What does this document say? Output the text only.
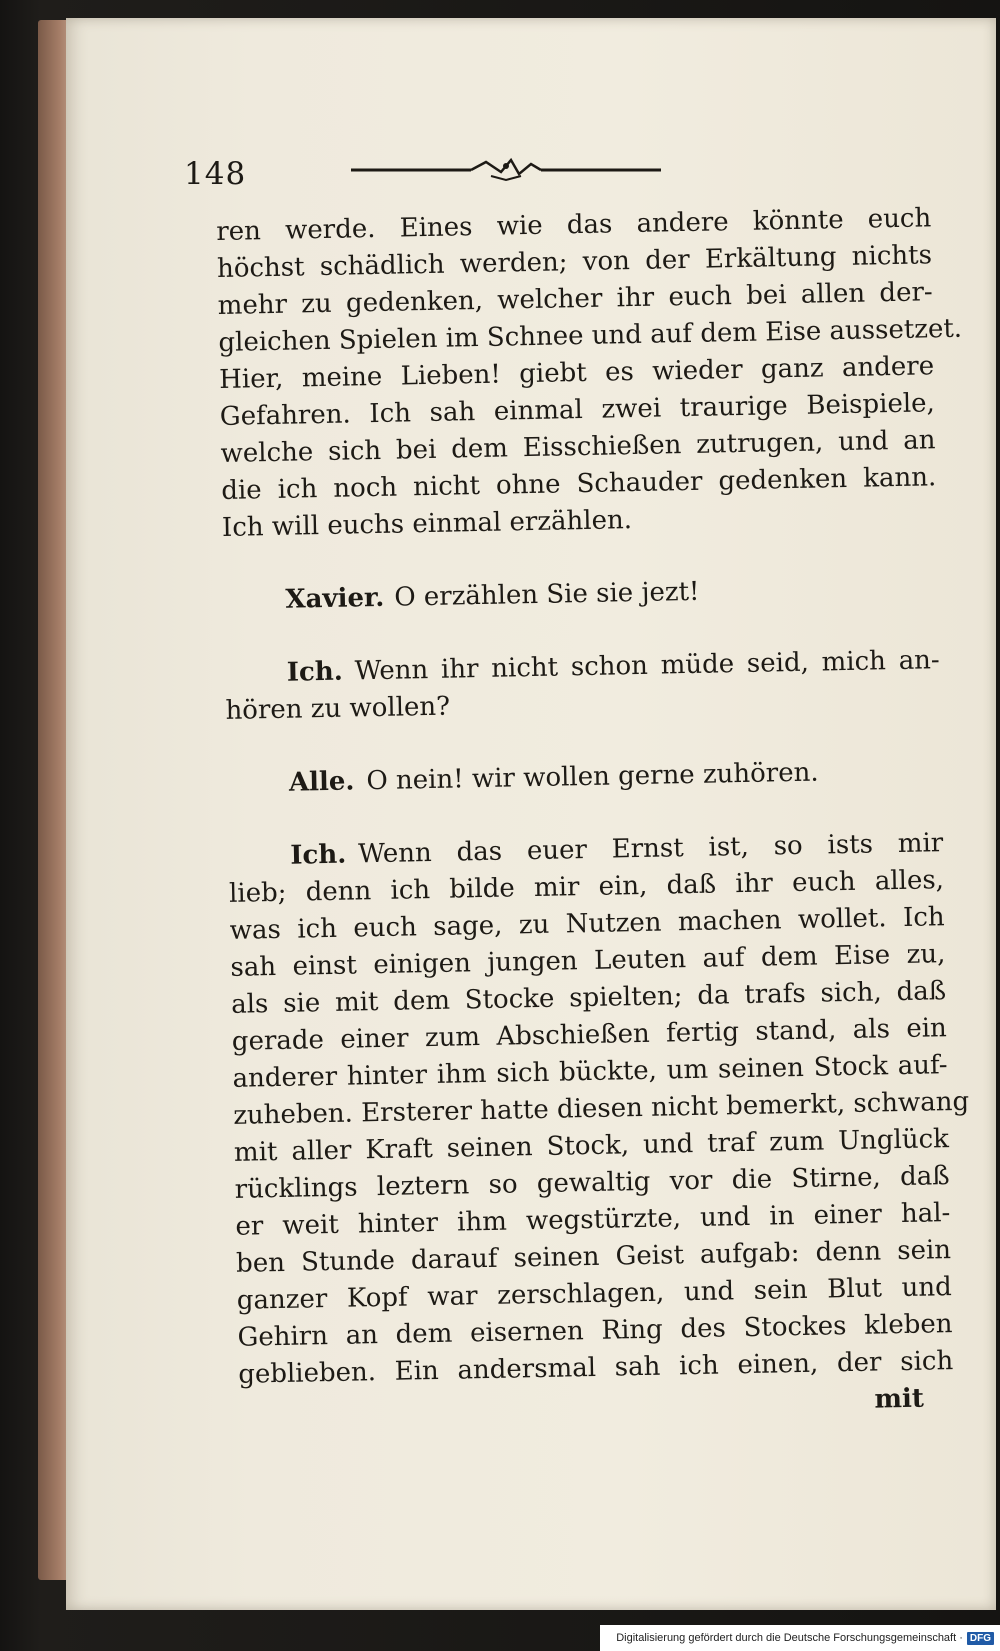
148
ren werde. Eines wie das andere könnte euch
höchst schädlich werden; von der Erkältung nichts
mehr zu gedenken, welcher ihr euch bei allen der-
gleichen Spielen im Schnee und auf dem Eise aussetzet.
Hier, meine Lieben! giebt es wieder ganz andere
Gefahren. Ich sah einmal zwei traurige Beispiele,
welche sich bei dem Eisschießen zutrugen, und an
die ich noch nicht ohne Schauder gedenken kann.
Ich will euchs einmal erzählen.
Xavier. O erzählen Sie sie jezt!
Ich. Wenn ihr nicht schon müde seid, mich an-
hören zu wollen?
Alle. O nein! wir wollen gerne zuhören.
Ich. Wenn das euer Ernst ist, so ists mir
lieb; denn ich bilde mir ein, daß ihr euch alles,
was ich euch sage, zu Nutzen machen wollet. Ich
sah einst einigen jungen Leuten auf dem Eise zu,
als sie mit dem Stocke spielten; da trafs sich, daß
gerade einer zum Abschießen fertig stand, als ein
anderer hinter ihm sich bückte, um seinen Stock auf-
zuheben. Ersterer hatte diesen nicht bemerkt, schwang
mit aller Kraft seinen Stock, und traf zum Unglück
rücklings leztern so gewaltig vor die Stirne, daß
er weit hinter ihm wegstürzte, und in einer hal-
ben Stunde darauf seinen Geist aufgab: denn sein
ganzer Kopf war zerschlagen, und sein Blut und
Gehirn an dem eisernen Ring des Stockes kleben
geblieben. Ein andersmal sah ich einen, der sich
mit
Digitalisierung gefördert durch die Deutsche Forschungsgemeinschaft · DFG
